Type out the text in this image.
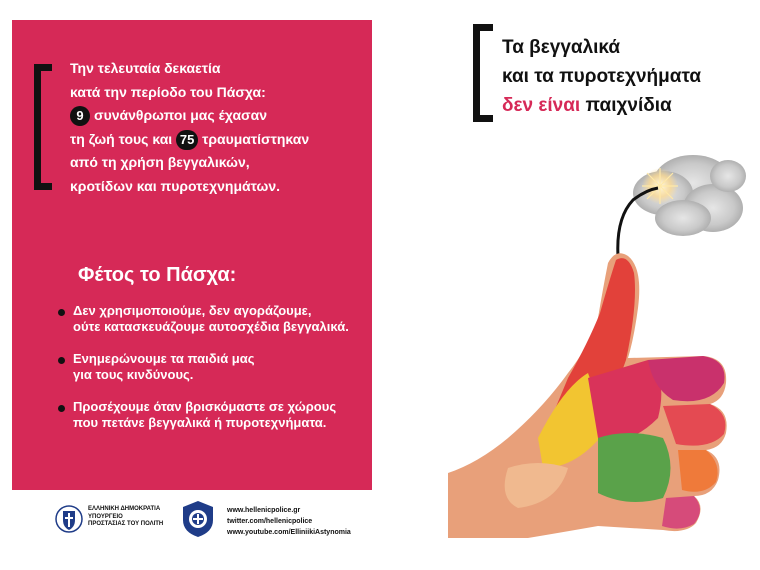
Την τελευταία δεκαετία
κατά την περίοδο του Πάσχα:
9 συνάνθρωποι μας έχασαν
τη ζωή τους και 75 τραυματίστηκαν
από τη χρήση βεγγαλικών,
κροτίδων και πυροτεχνημάτων.
Φέτος το Πάσχα:
Δεν χρησιμοποιούμε, δεν αγοράζουμε,
ούτε κατασκευάζουμε αυτοσχέδια βεγγαλικά.
Ενημερώνουμε τα παιδιά μας
για τους κινδύνους.
Προσέχουμε όταν βρισκόμαστε σε χώρους
που πετάνε βεγγαλικά ή πυροτεχνήματα.
ΕΛΛΗΝΙΚΗ ΔΗΜΟΚΡΑΤΙΑ
ΥΠΟΥΡΓΕΙΟ
ΠΡΟΣΤΑΣΙΑΣ ΤΟΥ ΠΟΛΙΤΗ
www.hellenicpolice.gr
twitter.com/hellenicpolice
www.youtube.com/ElliniikiAstynomia
Τα βεγγαλικά
και τα πυροτεχνήματα
δεν είναι παιχνίδια
